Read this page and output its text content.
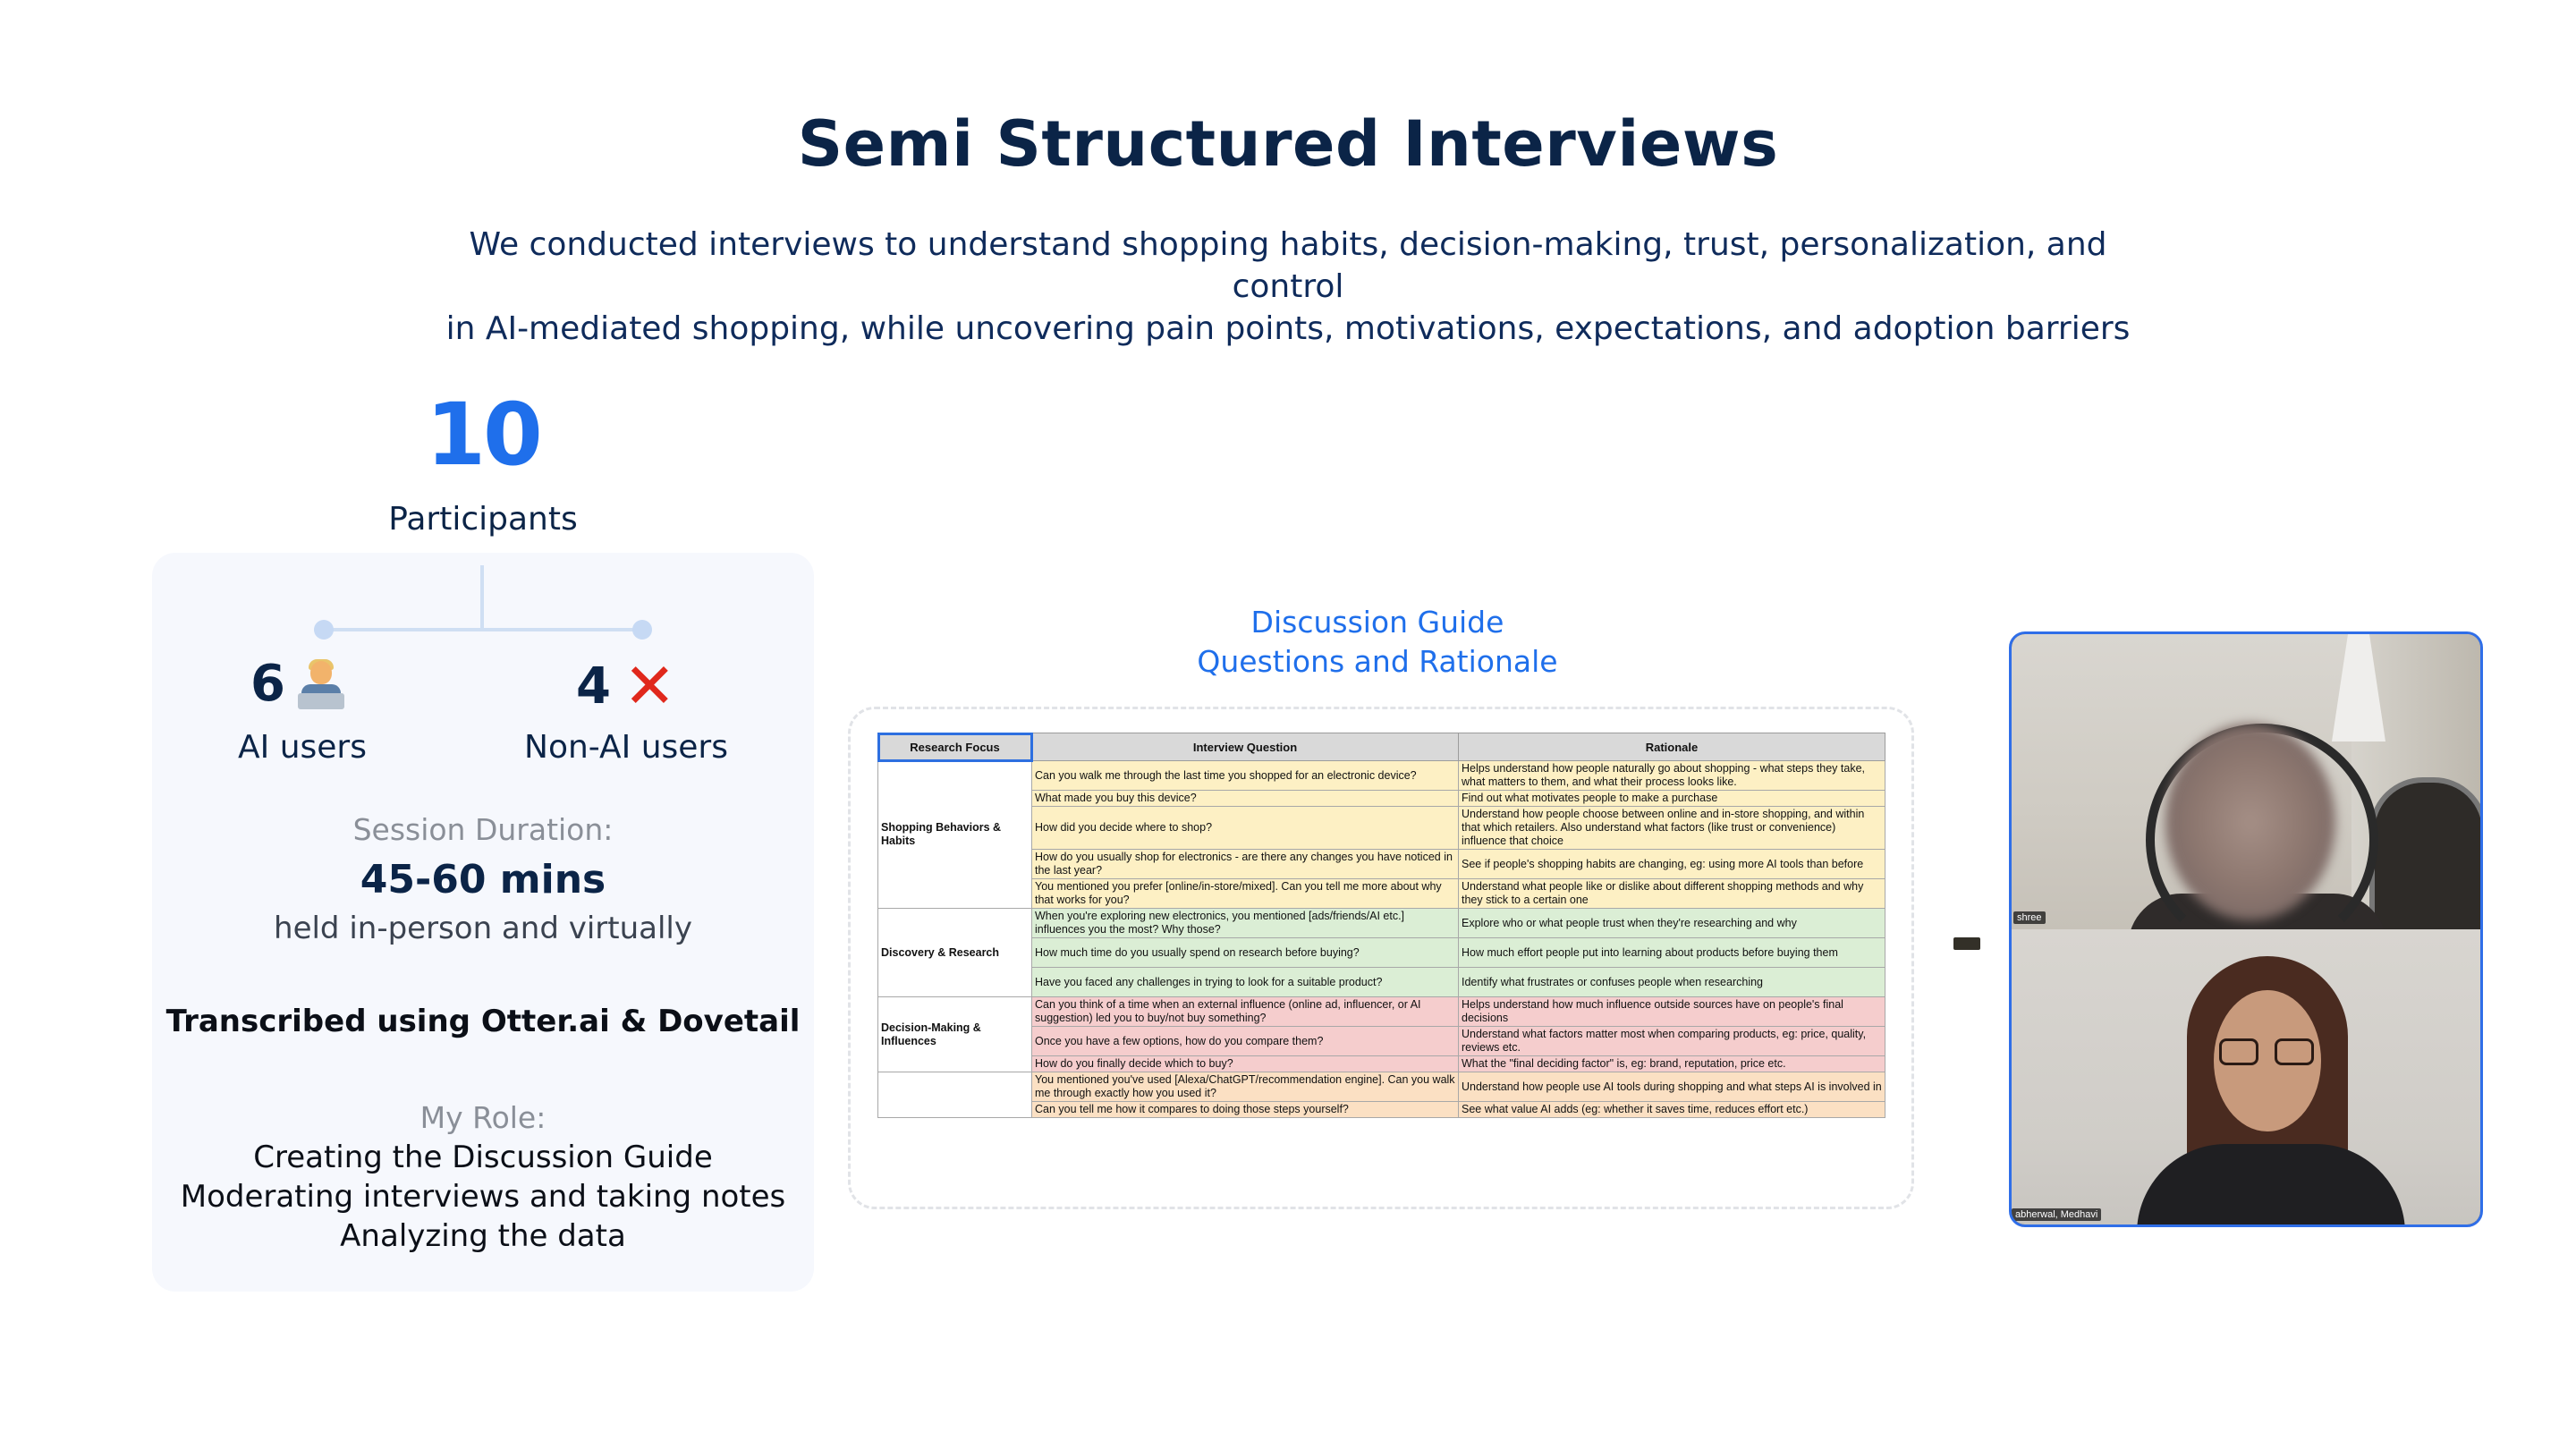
Semi Structured Interviews
We conducted interviews to understand shopping habits, decision-making, trust, personalization, and control
in AI-mediated shopping, while uncovering pain points, motivations, expectations, and adoption barriers
10
Participants
6
AI users
4 ✕
Non-AI users
Session Duration:
45-60 mins
held in-person and virtually
Transcribed using Otter.ai & Dovetail
My Role:
Creating the Discussion Guide
Moderating interviews and taking notes
Analyzing the data
Discussion Guide
Questions and Rationale
Research Focus	Interview Question	Rationale
Shopping Behaviors & Habits	Can you walk me through the last time you shopped for an electronic device?	Helps understand how people naturally go about shopping - what steps they take, what matters to them, and what their process looks like.
	What made you buy this device?	Find out what motivates people to make a purchase
	How did you decide where to shop?	Understand how people choose between online and in-store shopping, and within that which retailers. Also understand what factors (like trust or convenience) influence that choice
	How do you usually shop for electronics - are there any changes you have noticed in the last year?	See if people's shopping habits are changing, eg: using more AI tools than before
	You mentioned you prefer [online/in-store/mixed]. Can you tell me more about why that works for you?	Understand what people like or dislike about different shopping methods and why they stick to a certain one
Discovery & Research	When you're exploring new electronics, you mentioned [ads/friends/AI etc.] influences you the most? Why those?	Explore who or what people trust when they're researching and why
	How much time do you usually spend on research before buying?	How much effort people put into learning about products before buying them
	Have you faced any challenges in trying to look for a suitable product?	Identify what frustrates or confuses people when researching
Decision-Making & Influences	Can you think of a time when an external influence (online ad, influencer, or AI suggestion) led you to buy/not buy something?	Helps understand how much influence outside sources have on people's final decisions
	Once you have a few options, how do you compare them?	Understand what factors matter most when comparing products, eg: price, quality, reviews etc.
	How do you finally decide which to buy?	What the "final deciding factor" is, eg: brand, reputation, price etc.
	You mentioned you've used [Alexa/ChatGPT/recommendation engine]. Can you walk me through exactly how you used it?	Understand how people use AI tools during shopping and what steps AI is involved in
	Can you tell me how it compares to doing those steps yourself?	See what value AI adds (eg: whether it saves time, reduces effort etc.)
shree
abherwal, Medhavi
